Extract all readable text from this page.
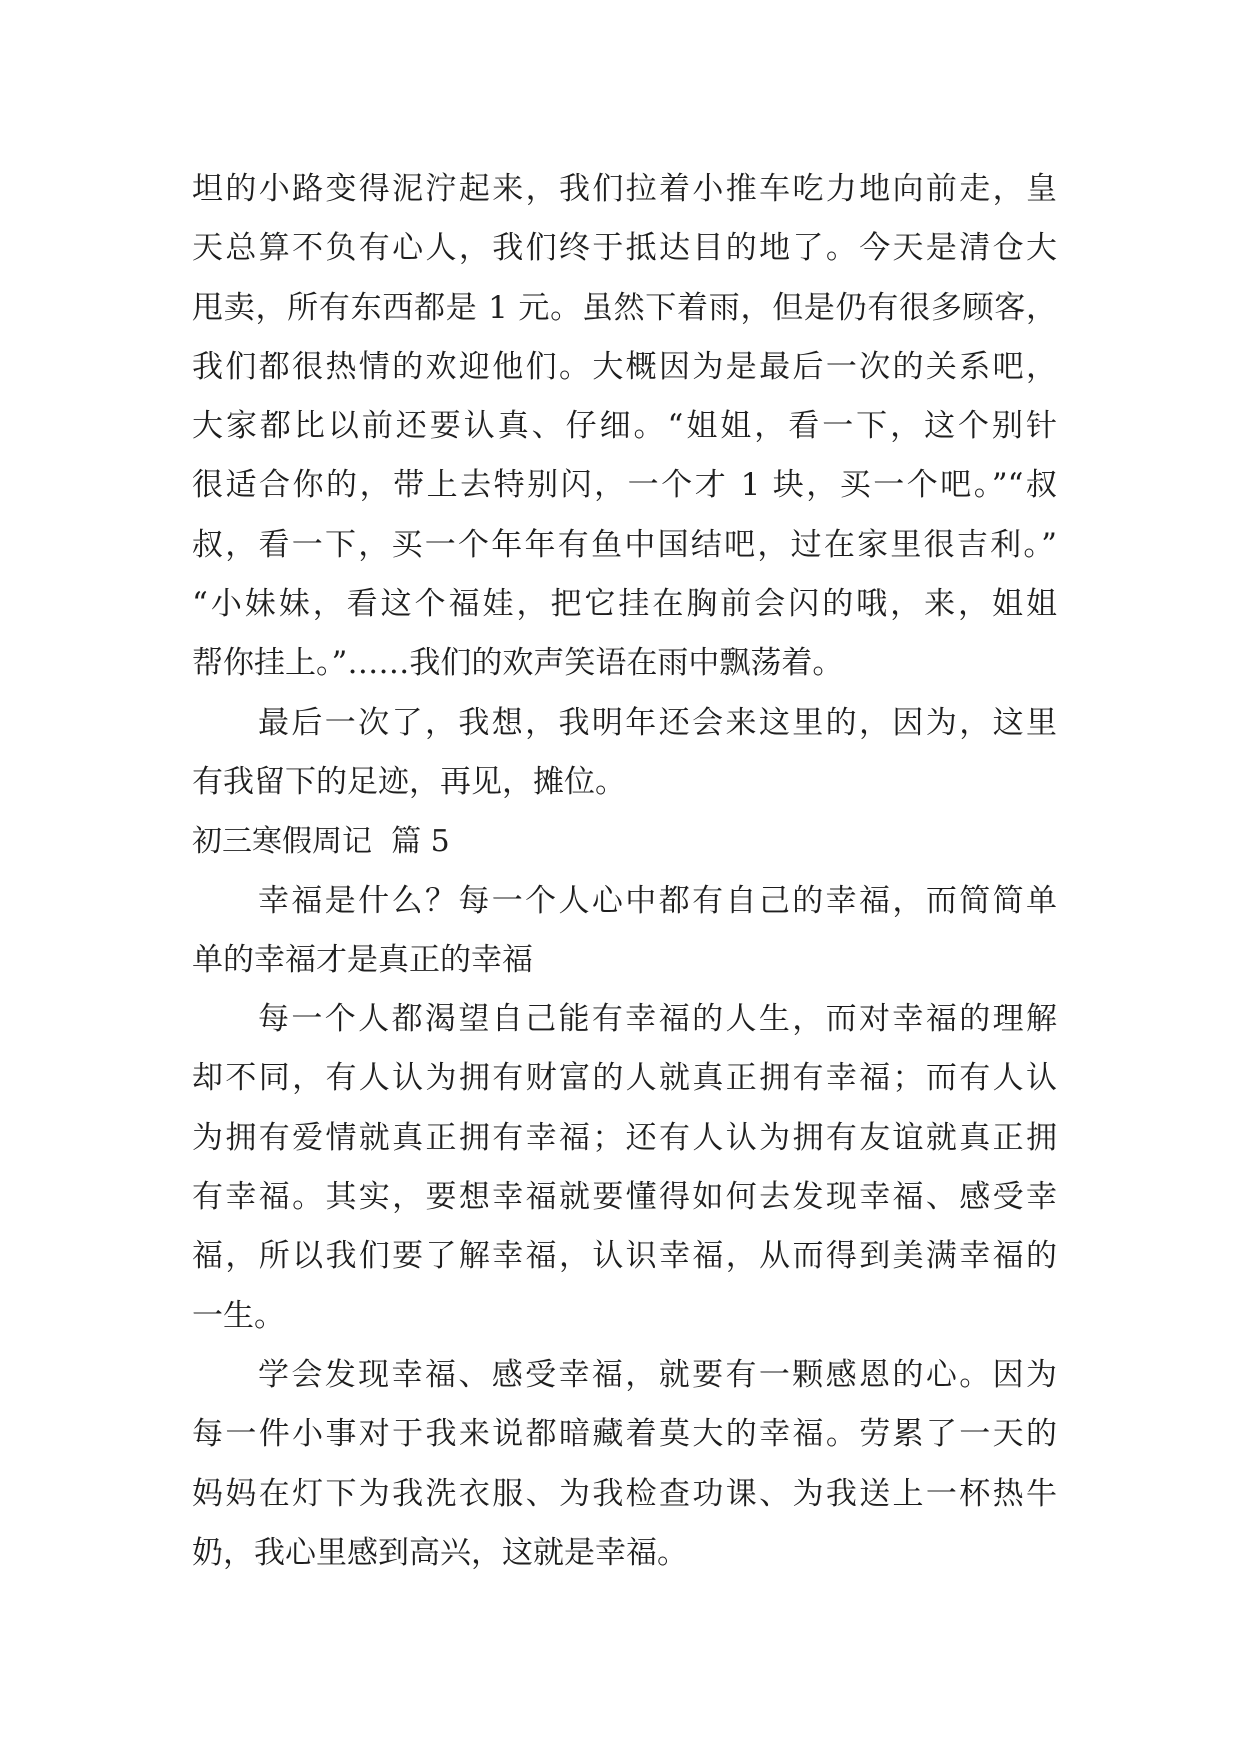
坦的小路变得泥泞起来，我们拉着小推车吃力地向前走，皇
天总算不负有心人，我们终于抵达目的地了。今天是清仓大
甩卖，所有东西都是 1 元。虽然下着雨，但是仍有很多顾客，
我们都很热情的欢迎他们。大概因为是最后一次的关系吧，
大家都比以前还要认真、仔细。“姐姐，看一下，这个别针
很适合你的，带上去特别闪，一个才 1 块，买一个吧。”“叔
叔，看一下，买一个年年有鱼中国结吧，过在家里很吉利。”
“小妹妹，看这个福娃，把它挂在胸前会闪的哦，来，姐姐
帮你挂上。”……我们的欢声笑语在雨中飘荡着。
最后一次了，我想，我明年还会来这里的，因为，这里
有我留下的足迹，再见，摊位。
初三寒假周记  篇 5
幸福是什么？每一个人心中都有自己的幸福，而简简单
单的幸福才是真正的幸福
每一个人都渴望自己能有幸福的人生，而对幸福的理解
却不同，有人认为拥有财富的人就真正拥有幸福；而有人认
为拥有爱情就真正拥有幸福；还有人认为拥有友谊就真正拥
有幸福。其实，要想幸福就要懂得如何去发现幸福、感受幸
福，所以我们要了解幸福，认识幸福，从而得到美满幸福的
一生。
学会发现幸福、感受幸福，就要有一颗感恩的心。因为
每一件小事对于我来说都暗藏着莫大的幸福。劳累了一天的
妈妈在灯下为我洗衣服、为我检查功课、为我送上一杯热牛
奶，我心里感到高兴，这就是幸福。
